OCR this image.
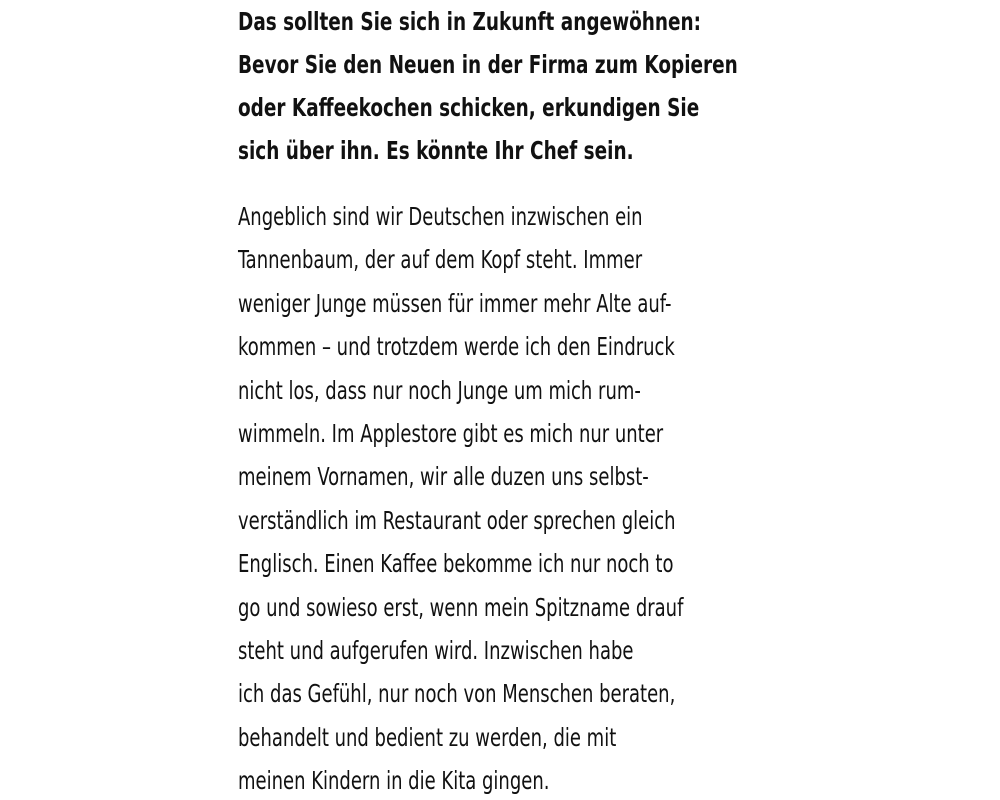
Das sollten Sie sich in Zukunft angewöhnen:
Bevor Sie den Neuen in der Firma zum Kopieren
oder Kaffeekochen schicken, erkundigen Sie
sich über ihn. Es könnte Ihr Chef sein.
Angeblich sind wir Deutschen inzwischen ein
Tannenbaum, der auf dem Kopf steht. Immer
weniger Junge müssen für immer mehr Alte auf-
kommen – und trotzdem werde ich den Eindruck
nicht los, dass nur noch Junge um mich rum-
wimmeln. Im Applestore gibt es mich nur unter
meinem Vornamen, wir alle duzen uns selbst-
verständlich im Restaurant oder sprechen gleich
Englisch. Einen Kaffee bekomme ich nur noch to
go und sowieso erst, wenn mein Spitzname drauf
steht und aufgerufen wird. Inzwischen habe
ich das Gefühl, nur noch von Menschen beraten,
behandelt und bedient zu werden, die mit
meinen Kindern in die Kita gingen.
